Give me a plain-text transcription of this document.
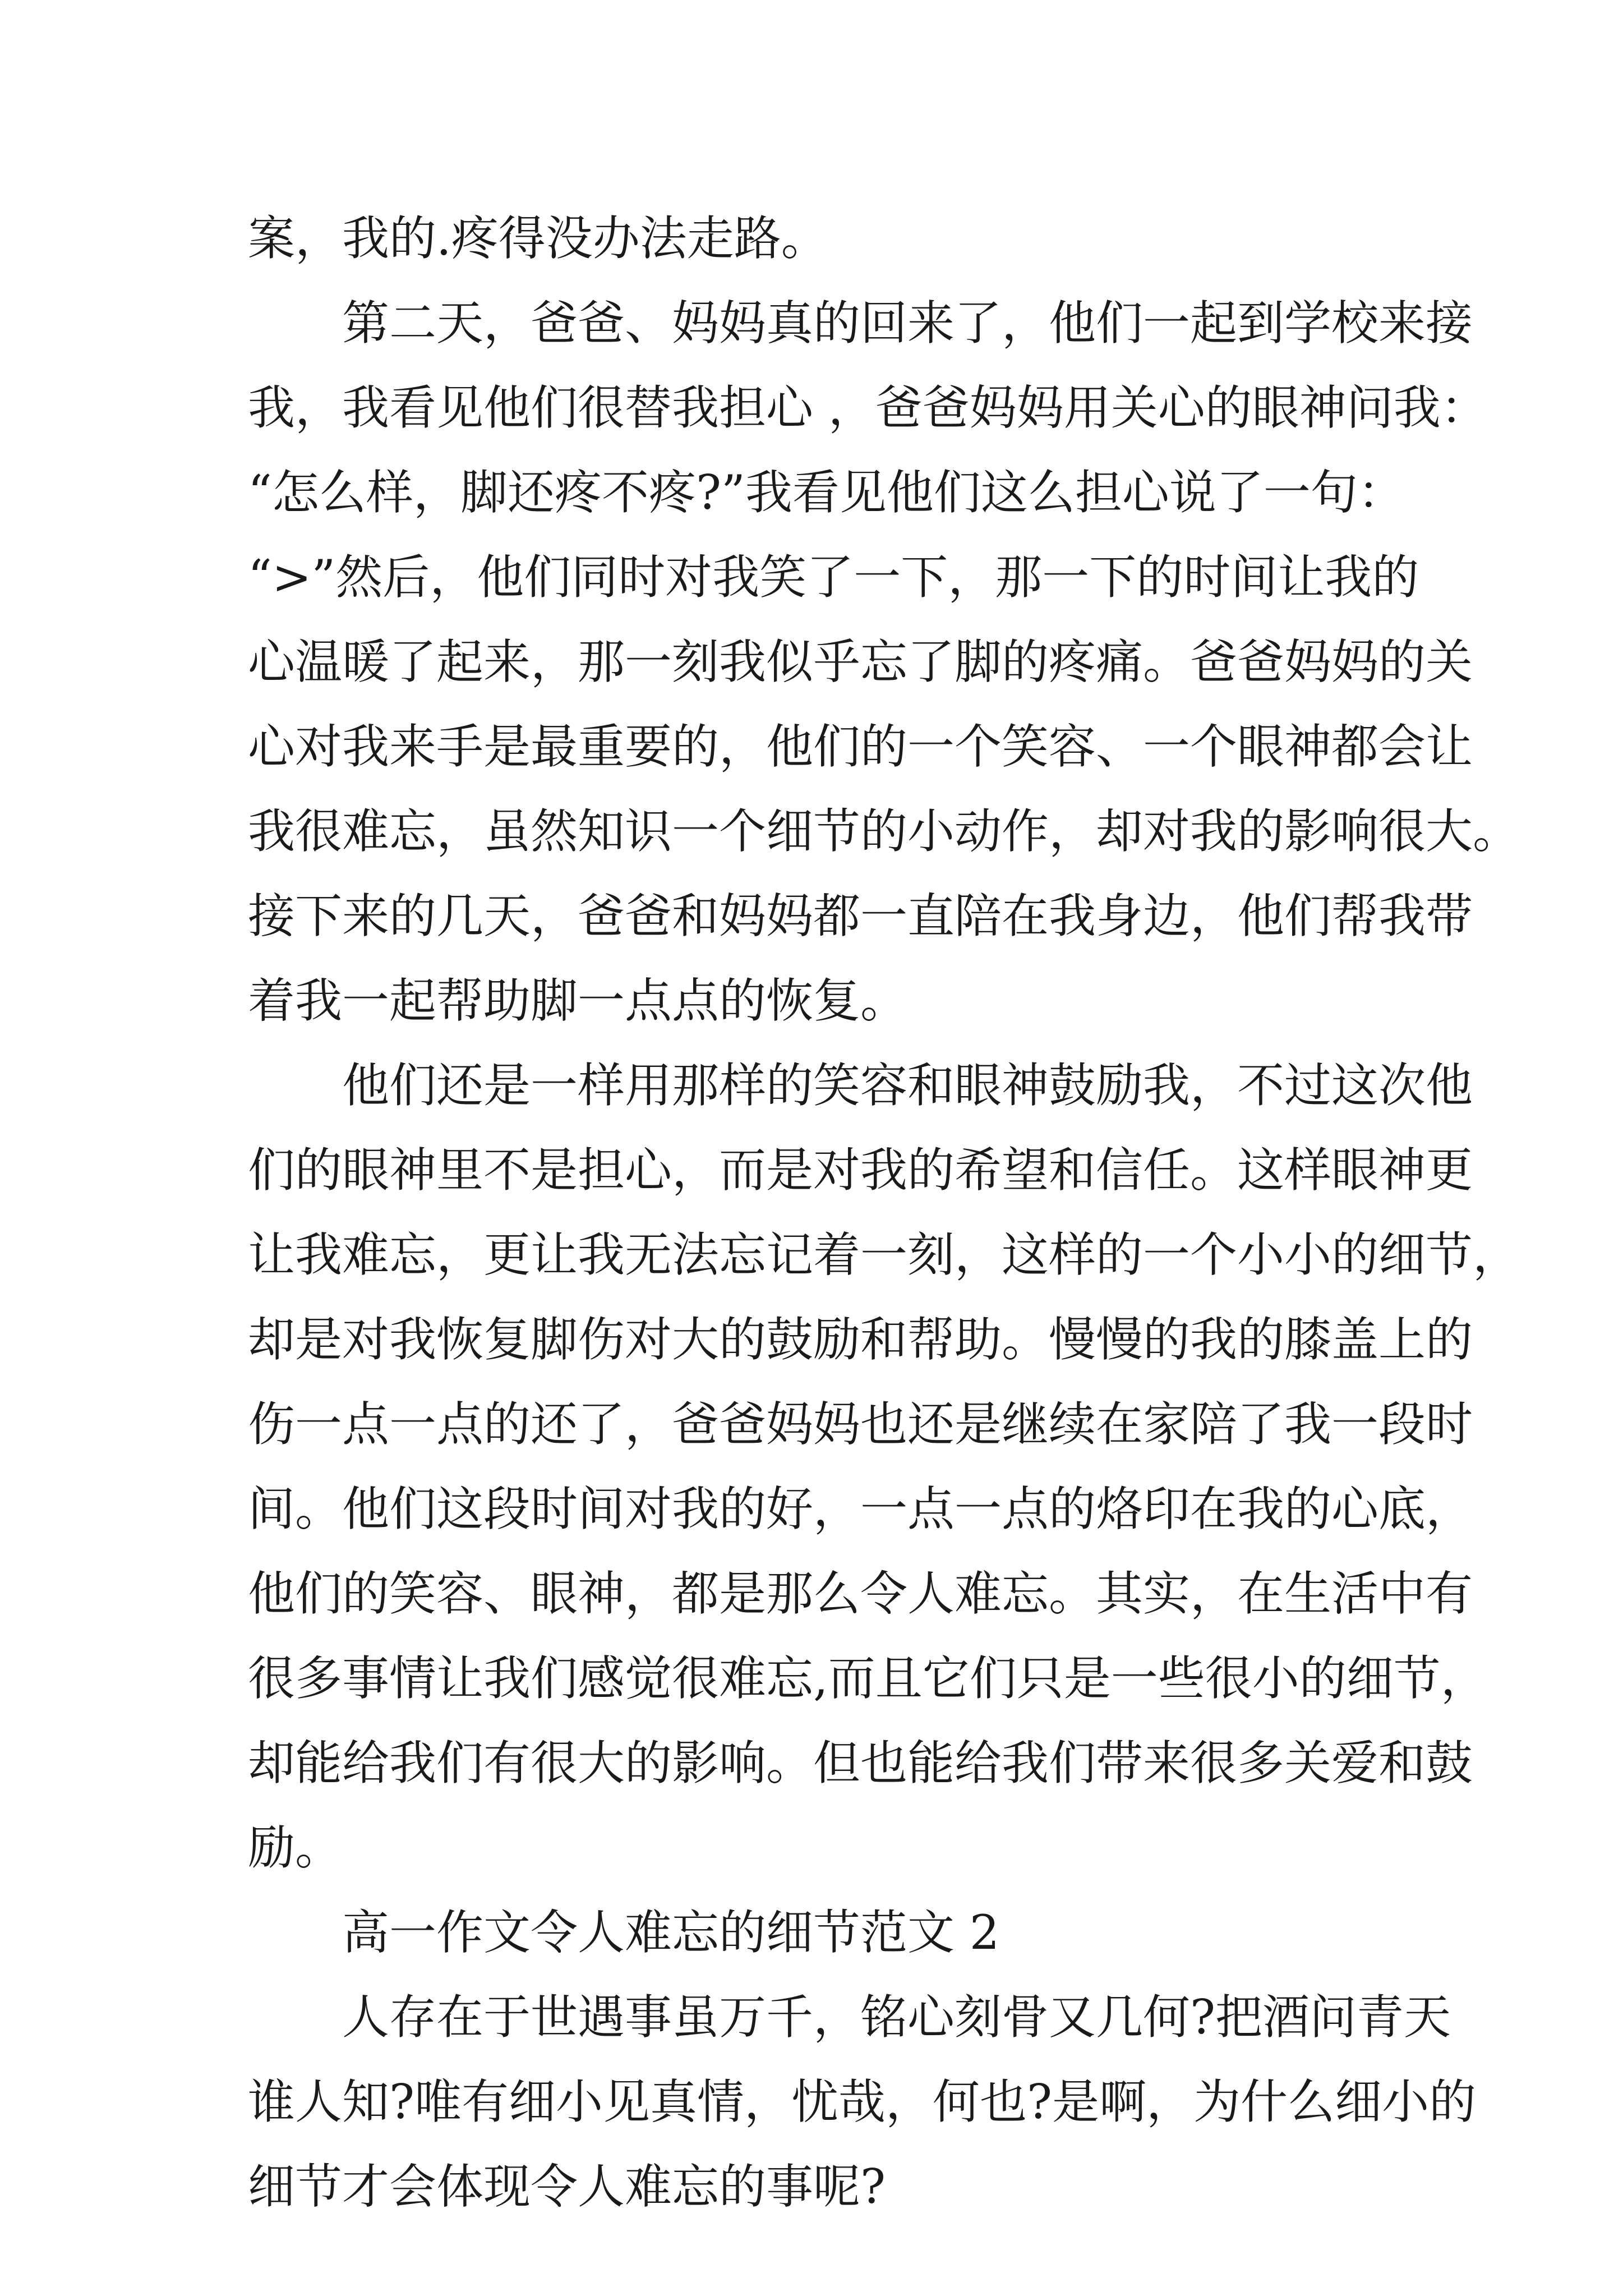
案，我的.疼得没办法走路。

第二天，爸爸、妈妈真的回来了，他们一起到学校来接

我，我看见他们很替我担心 ，爸爸妈妈用关心的眼神问我：

“怎么样，脚还疼不疼?”我看见他们这么担心说了一句：

“>”然后，他们同时对我笑了一下，那一下的时间让我的

心温暖了起来，那一刻我似乎忘了脚的疼痛。爸爸妈妈的关

心对我来手是最重要的，他们的一个笑容、一个眼神都会让

我很难忘，虽然知识一个细节的小动作，却对我的影响很大。

接下来的几天，爸爸和妈妈都一直陪在我身边，他们帮我带

着我一起帮助脚一点点的恢复。

他们还是一样用那样的笑容和眼神鼓励我，不过这次他

们的眼神里不是担心，而是对我的希望和信任。这样眼神更

让我难忘，更让我无法忘记着一刻，这样的一个小小的细节，

却是对我恢复脚伤对大的鼓励和帮助。慢慢的我的膝盖上的

伤一点一点的还了，爸爸妈妈也还是继续在家陪了我一段时

间。他们这段时间对我的好，一点一点的烙印在我的心底，

他们的笑容、眼神，都是那么令人难忘。其实，在生活中有

很多事情让我们感觉很难忘,而且它们只是一些很小的细节，

却能给我们有很大的影响。但也能给我们带来很多关爱和鼓

励。

高一作文令人难忘的细节范文 2

人存在于世遇事虽万千，铭心刻骨又几何?把酒问青天

谁人知?唯有细小见真情，忧哉，何也?是啊，为什么细小的

细节才会体现令人难忘的事呢?
